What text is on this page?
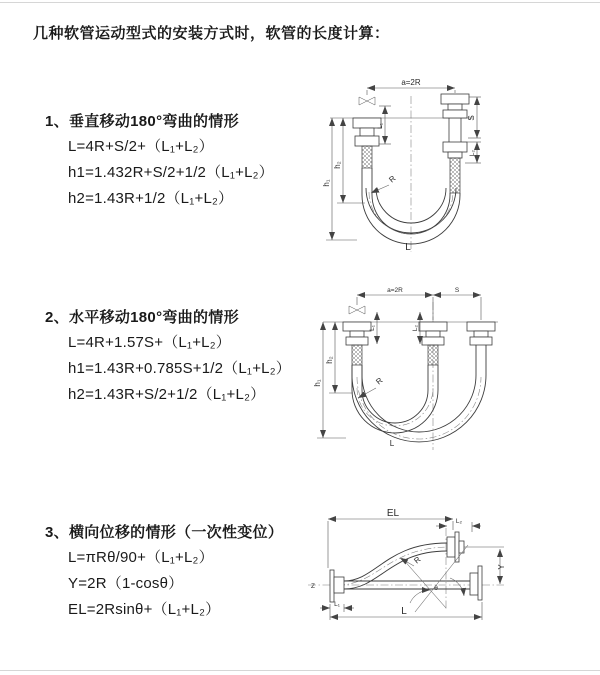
几种软管运动型式的安装方式时，软管的长度计算：
1、垂直移动180°弯曲的情形
L=4R+S/2+（L₁+L₂）
h1=1.432R+S/2+1/2（L₁+L₂）
h2=1.43R+1/2（L₁+L₂）
a=2R
h₁
h₂
L₁
S
L₂
R
L
2、水平移动180°弯曲的情形
L=4R+1.57S+（L₁+L₂）
h1=1.43R+0.785S+1/2（L₁+L₂）
h2=1.43R+S/2+1/2（L₁+L₂）
a=2R	S
h₁
h₂
L₁	L₂
R
L
3、横向位移的情形（一次性变位）
L=πRθ/90+（L₁+L₂）
Y=2R（1-cosθ）
EL=2Rsinθ+（L₁+L₂）
EL
L₂
Y
L
L₁
R
θ
Z
